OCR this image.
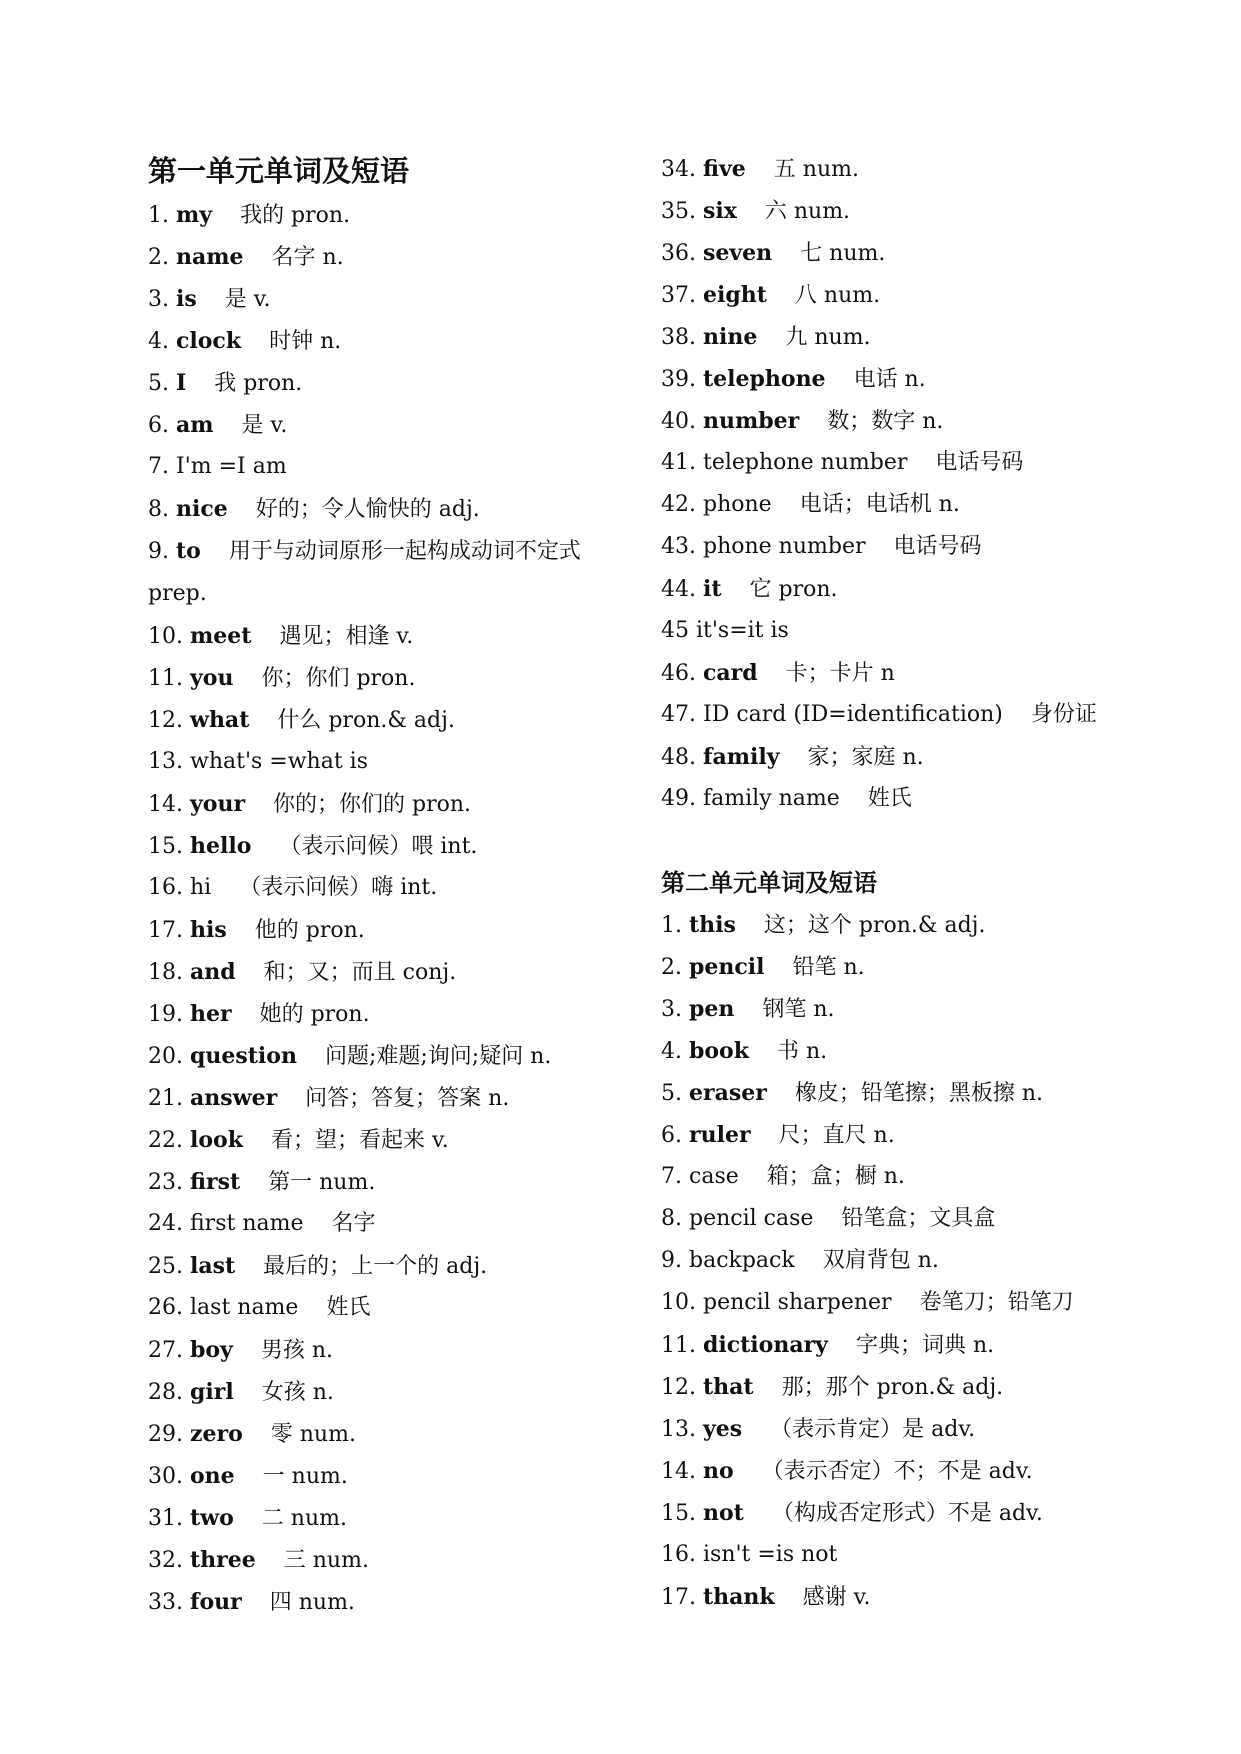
第一单元单词及短语
1. my 我的 pron.
2. name 名字 n.
3. is 是 v.
4. clock 时钟 n.
5. I 我 pron.
6. am 是 v.
7. I'm =I am
8. nice 好的；令人愉快的 adj.
9. to 用于与动词原形一起构成动词不定式 prep.
10. meet 遇见；相逢 v.
11. you 你；你们 pron.
12. what 什么 pron.& adj.
13. what's =what is
14. your 你的；你们的 pron.
15. hello （表示问候）喂 int.
16. hi （表示问候）嗨 int.
17. his 他的 pron.
18. and 和；又；而且 conj.
19. her 她的 pron.
20. question 问题;难题;询问;疑问 n.
21. answer 问答；答复；答案 n.
22. look 看；望；看起来 v.
23. first 第一 num.
24. first name 名字
25. last 最后的；上一个的 adj.
26. last name 姓氏
27. boy 男孩 n.
28. girl 女孩 n.
29. zero 零 num.
30. one 一 num.
31. two 二 num.
32. three 三 num.
33. four 四 num.
34. five 五 num.
35. six 六 num.
36. seven 七 num.
37. eight 八 num.
38. nine 九 num.
39. telephone 电话 n.
40. number 数；数字 n.
41. telephone number 电话号码
42. phone 电话；电话机 n.
43. phone number 电话号码
44. it 它 pron.
45 it's=it is
46. card 卡；卡片 n
47. ID card (ID=identification) 身份证
48. family 家；家庭 n.
49. family name 姓氏
第二单元单词及短语
1. this 这；这个 pron.& adj.
2. pencil 铅笔 n.
3. pen 钢笔 n.
4. book 书 n.
5. eraser 橡皮；铅笔擦；黑板擦 n.
6. ruler 尺；直尺 n.
7. case 箱；盒；橱 n.
8. pencil case 铅笔盒；文具盒
9. backpack 双肩背包 n.
10. pencil sharpener 卷笔刀；铅笔刀
11. dictionary 字典；词典 n.
12. that 那；那个 pron.& adj.
13. yes （表示肯定）是 adv.
14. no （表示否定）不；不是 adv.
15. not （构成否定形式）不是 adv.
16. isn't =is not
17. thank 感谢 v.
